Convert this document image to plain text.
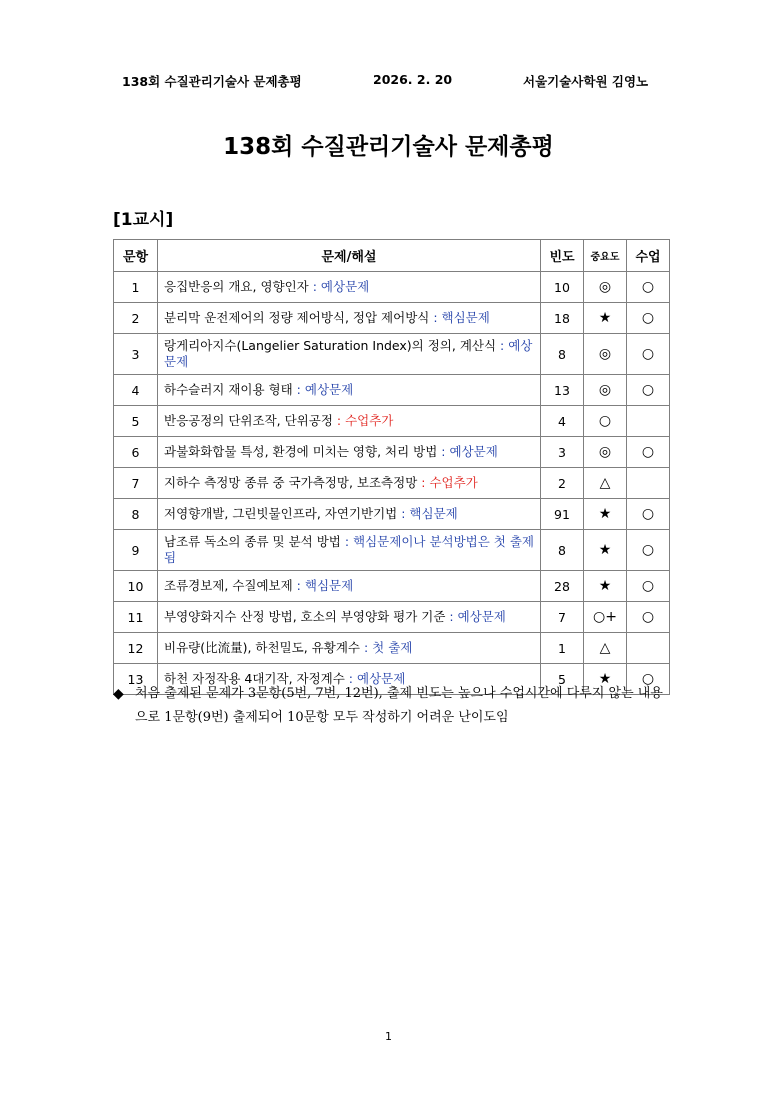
138회 수질관리기술사 문제총평	2026. 2. 20	서울기술사학원 김영노
138회 수질관리기술사 문제총평
[1교시]
문항	문제/해설	빈도	중요도	수업
1	응집반응의 개요, 영향인자 : 예상문제	10	◎	○
2	분리막 운전제어의 정량 제어방식, 정압 제어방식 : 핵심문제	18	★	○
3	랑게리아지수(Langelier Saturation Index)의 정의, 계산식 : 예상문제	8	◎	○
4	하수슬러지 재이용 형태 : 예상문제	13	◎	○
5	반응공정의 단위조작, 단위공정 : 수업추가	4	○	
6	과불화화합물 특성, 환경에 미치는 영향, 처리 방법 : 예상문제	3	◎	○
7	지하수 측정망 종류 중 국가측정망, 보조측정망 : 수업추가	2	△	
8	저영향개발, 그린빗물인프라, 자연기반기법 : 핵심문제	91	★	○
9	남조류 독소의 종류 및 분석 방법 : 핵심문제이나 분석방법은 첫 출제됨	8	★	○
10	조류경보제, 수질예보제 : 핵심문제	28	★	○
11	부영양화지수 산정 방법, 호소의 부영양화 평가 기준 : 예상문제	7	○+	○
12	비유량(比流量), 하천밀도, 유황계수 : 첫 출제	1	△	
13	하천 자정작용 4대기작, 자정계수 : 예상문제	5	★	○
◆ 처음 출제된 문제가 3문항(5번, 7번, 12번), 출제 빈도는 높으나 수업시간에 다루지 않는 내용으로 1문항(9번) 출제되어 10문항 모두 작성하기 어려운 난이도임
1
